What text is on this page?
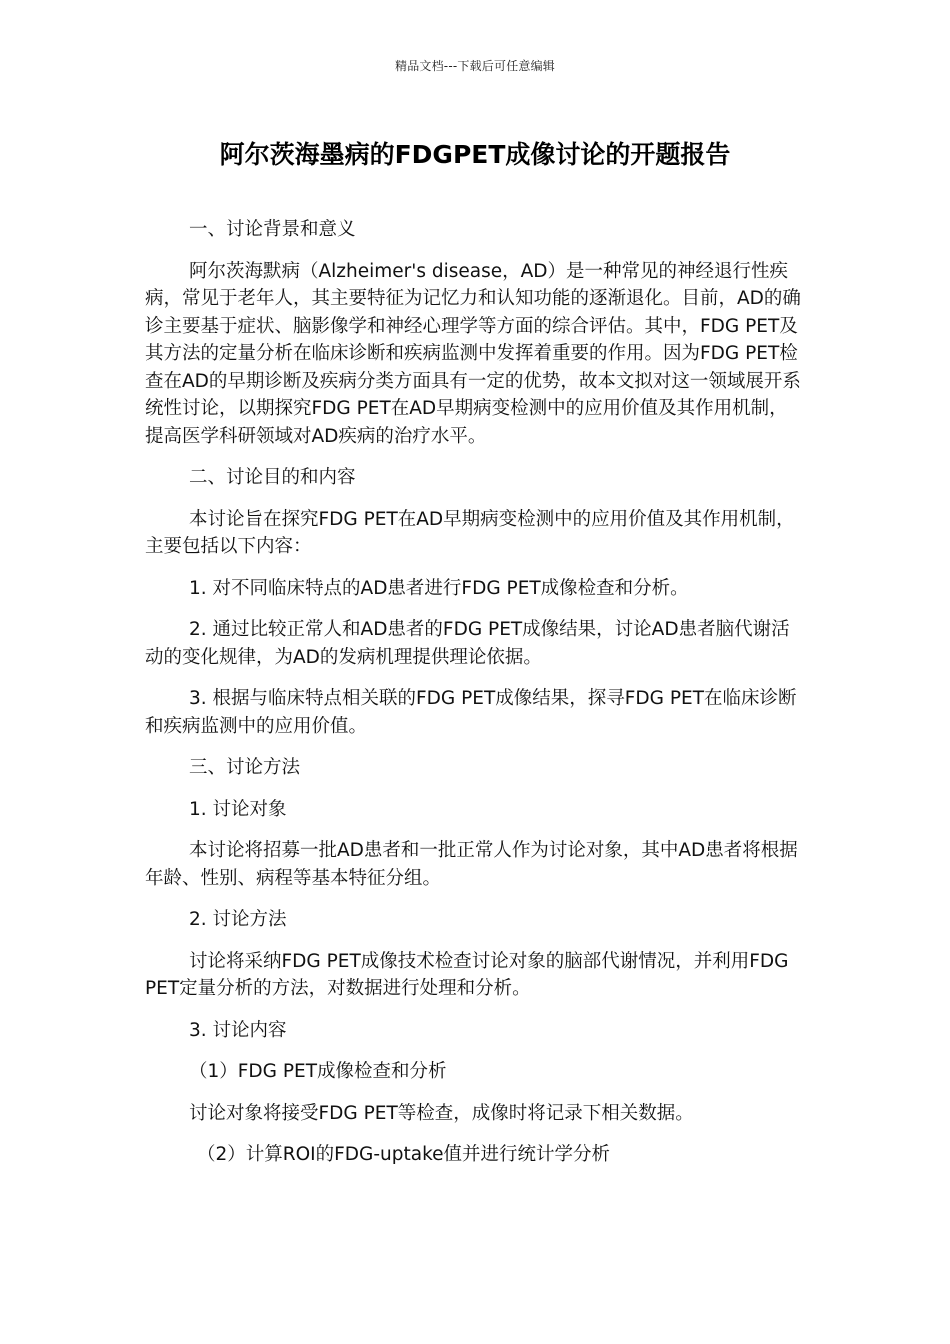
精品文档---下载后可任意编辑
阿尔茨海墨病的FDGPET成像讨论的开题报告

一、讨论背景和意义

阿尔茨海默病（Alzheimer's disease，AD）是一种常见的神经退行性疾病，常见于老年人，其主要特征为记忆力和认知功能的逐渐退化。目前，AD的确诊主要基于症状、脑影像学和神经心理学等方面的综合评估。其中，FDG PET及其方法的定量分析在临床诊断和疾病监测中发挥着重要的作用。因为FDG PET检查在AD的早期诊断及疾病分类方面具有一定的优势，故本文拟对这一领域展开系统性讨论，以期探究FDG PET在AD早期病变检测中的应用价值及其作用机制，提高医学科研领域对AD疾病的治疗水平。

二、讨论目的和内容

本讨论旨在探究FDG PET在AD早期病变检测中的应用价值及其作用机制，主要包括以下内容：

1. 对不同临床特点的AD患者进行FDG PET成像检查和分析。

2. 通过比较正常人和AD患者的FDG PET成像结果，讨论AD患者脑代谢活动的变化规律，为AD的发病机理提供理论依据。

3. 根据与临床特点相关联的FDG PET成像结果，探寻FDG PET在临床诊断和疾病监测中的应用价值。

三、讨论方法

1. 讨论对象

本讨论将招募一批AD患者和一批正常人作为讨论对象，其中AD患者将根据年龄、性别、病程等基本特征分组。

2. 讨论方法

讨论将采纳FDG PET成像技术检查讨论对象的脑部代谢情况，并利用FDG PET定量分析的方法，对数据进行处理和分析。

3. 讨论内容

（1）FDG PET成像检查和分析

讨论对象将接受FDG PET等检查，成像时将记录下相关数据。

（2）计算ROI的FDG-uptake值并进行统计学分析
